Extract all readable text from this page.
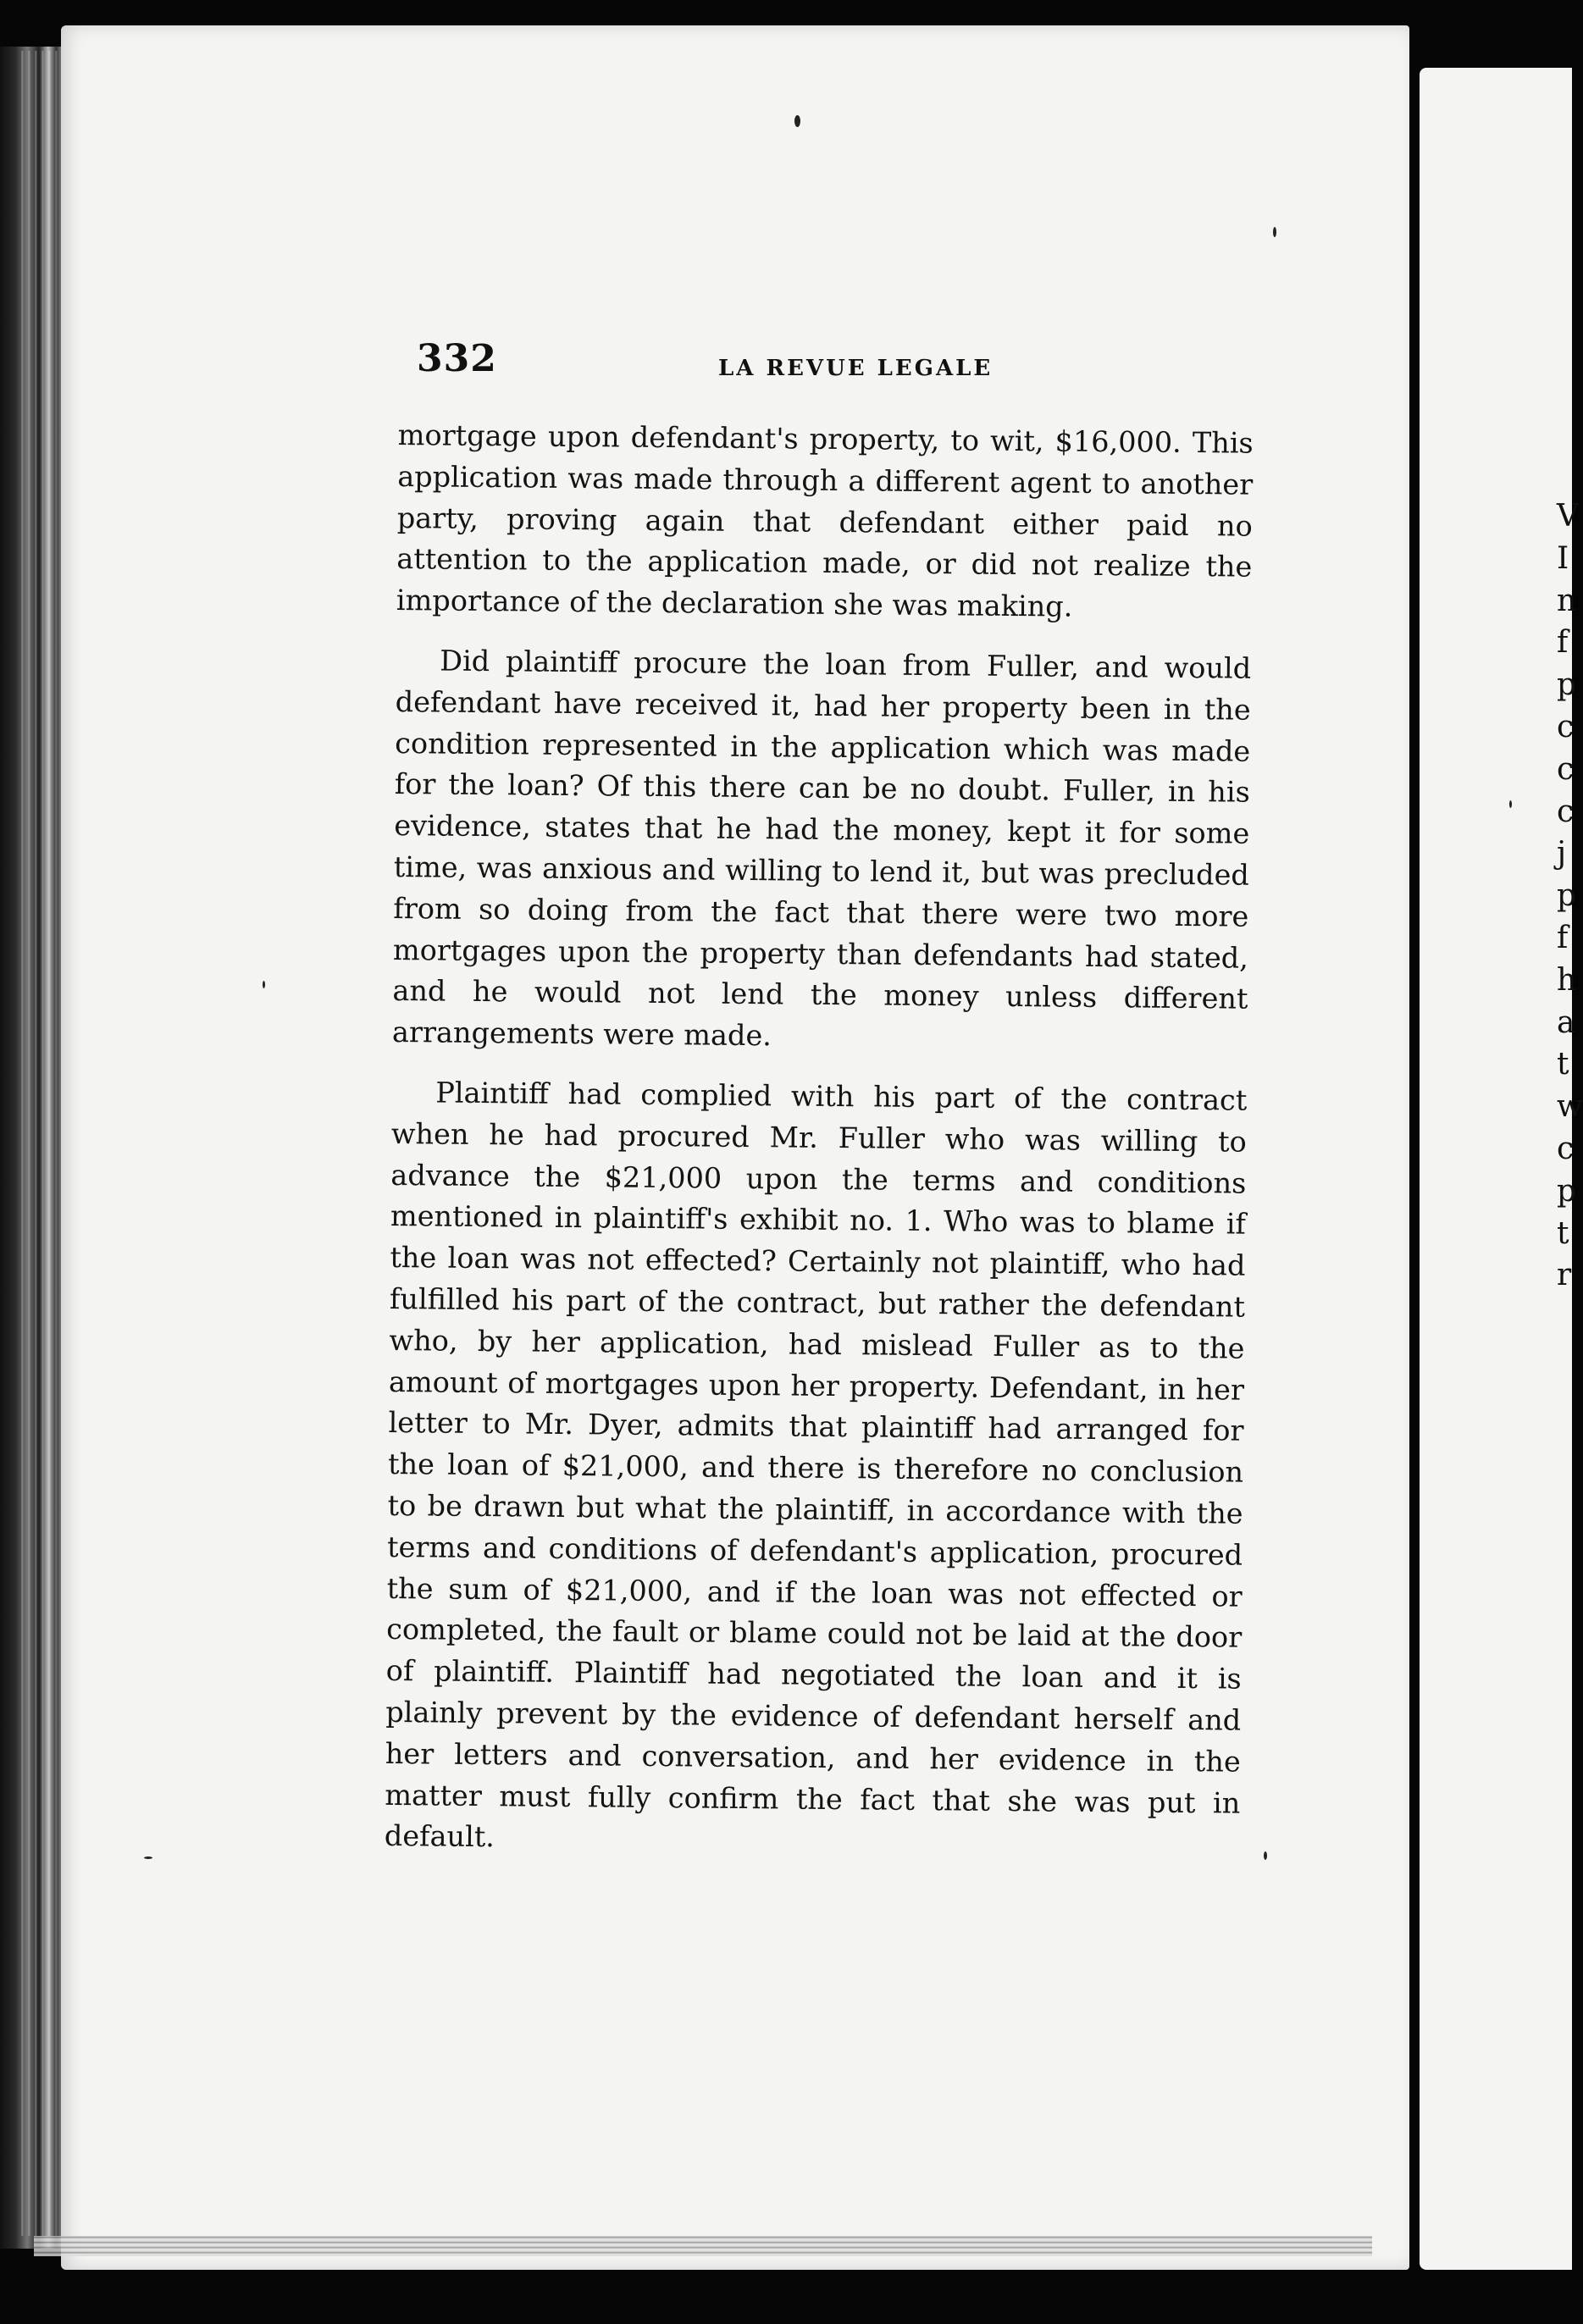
V
I
n
f
p
c
c
c
j
p
f
h
a
t
w
c
p
t
r
332	LA REVUE LEGALE

mortgage upon defendant's property, to wit, $16,000. This application was made through a different agent to another party, proving again that defendant either paid no attention to the application made, or did not realize the importance of the declaration she was making.

Did plaintiff procure the loan from Fuller, and would defendant have received it, had her property been in the condition represented in the application which was made for the loan? Of this there can be no doubt. Fuller, in his evidence, states that he had the money, kept it for some time, was anxious and willing to lend it, but was precluded from so doing from the fact that there were two more mortgages upon the property than defendants had stated, and he would not lend the money unless different arrangements were made.

Plaintiff had complied with his part of the contract when he had procured Mr. Fuller who was willing to advance the $21,000 upon the terms and conditions mentioned in plaintiff's exhibit no. 1. Who was to blame if the loan was not effected? Certainly not plaintiff, who had fulfilled his part of the contract, but rather the defendant who, by her application, had mislead Fuller as to the amount of mortgages upon her property. Defendant, in her letter to Mr. Dyer, admits that plaintiff had arranged for the loan of $21,000, and there is therefore no conclusion to be drawn but what the plaintiff, in accordance with the terms and conditions of defendant's application, procured the sum of $21,000, and if the loan was not effected or completed, the fault or blame could not be laid at the door of plaintiff. Plaintiff had negotiated the loan and it is plainly prevent by the evidence of defendant herself and her letters and conversation, and her evidence in the matter must fully confirm the fact that she was put in default.
